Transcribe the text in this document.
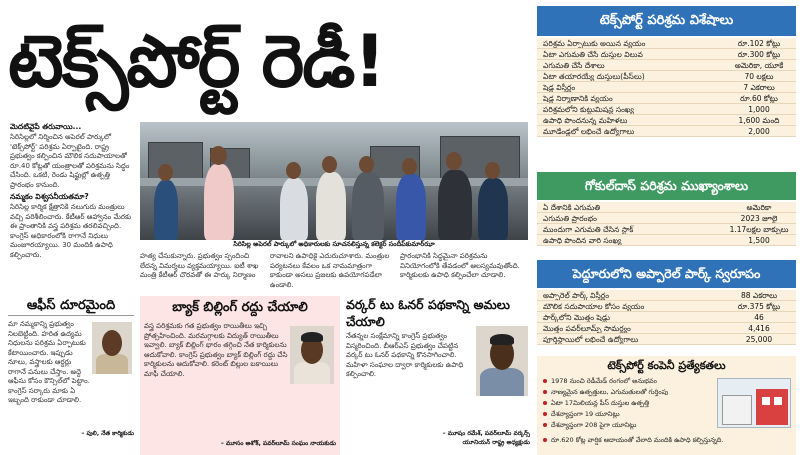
టెక్స్‌పోర్ట్ రెడీ!
మెదటివైపే తరువాయి...

సిరిసిల్లలో నిర్మించిన అపెరల్ పార్కులో 'టెక్స్‌పోర్ట్' పరిశ్రమ ఏర్పాటైంది. రాష్ట్ర ప్రభుత్వం కల్పించిన మౌలిక సదుపాయాలతో రూ.40 కోట్లతో యంత్రాలతో పరిశ్రమను సిద్ధం చేసింది. ఒకటి, రెండు షిఫ్టుల్లో ఉత్పత్తి ప్రారంభం కానుంది.

నమ్మకం విశ్వసనీయతమా?

సిరిసిల్ల కార్మిక క్షేత్రానికి నలుగురు మంత్రులు వచ్చి పరిశీలించారు. కేటీఆర్ ఆహ్వానం మేరకు ఈ ప్రాంతానికి వస్త్ర పరిశ్రమ తరలివచ్చింది. కాంగ్రెస్ అధికారంలోకి రాగానే నిధులు మంజూరయ్యాయి. 30 మందికి ఉపాధి కల్పించారు.

సిరిసిల్ల అపెరల్ పార్కులో అధికారులకు సూచనలిస్తున్న కలెక్టర్ సందీప్‌కుమార్‌ఝా

హత్య చేసుకున్నారు. ప్రభుత్వం స్పందించి లేదన్న విమర్శలు వ్యక్తమయ్యాయి. ఐటీ శాఖ మంత్రి కేటీఆర్ చొరవతో ఈ పార్కు నిర్మాణం

రావాలని ఉపాధికై ఎదురుచూశారు. మంత్రుల పర్యటనలు కేవలం ఒక నామమాత్రంగా కాకుండా అసలు ప్రజలకు ఉపయోగపడేలా ఉండాలి.

ప్రారంభానికి సిద్ధమైనా పరిశ్రమను వినియోగంలోకి తేవడంలో ఆలస్యమవుతోంది. కార్మికులకు ఉపాధి కల్పించేలా చూడాలి.

ఆఫీస్ దూరమైంది

మా నమ్మకాన్ని ప్రభుత్వం నిలబెట్టింది. హరిత ఉద్యమ నిధులను పరిశ్రమ ఏర్పాటుకు కేటాయించారు. ఇప్పుడు నూలు, వస్త్రాలకు ఆర్డర్లు రాగానే పనులు చేస్తాం. అద్దె ఆఫీసు కోసం కౌన్సిల్‌లో పెట్టాం. కాంగ్రెస్ సర్కారు మాకు ఏ ఇబ్బంది రాకుండా చూడాలి.

– పులి, నేత కార్మికుడు
బ్యాక్ బిల్లింగ్ రద్దు చేయాలి

వస్త్ర పరిశ్రమకు గత ప్రభుత్వం రాయితీలు ఇచ్చి ప్రోత్సహించింది. మరమగ్గాలకు విద్యుత్ రాయితీలు ఇవ్వాలి. బ్యాక్ బిల్లింగ్ భారం తగ్గించి నేత కార్మికులను ఆదుకోవాలి. కాంగ్రెస్ ప్రభుత్వం బ్యాక్ బిల్లింగ్ రద్దు చేసి కార్మికులను ఆదుకోవాలి. కరెంట్ బిల్లుల బకాయిలు మాఫీ చేయాలి.

– మూసం అశోక్, పవర్‌లూమ్ సంఘం నాయకుడు
వర్కర్ టు ఓనర్ పథకాన్ని అమలు చేయాలి

నేతన్నల సంక్షేమాన్ని కాంగ్రెస్ ప్రభుత్వం విస్మరించింది. బీఆర్‌ఎస్ ప్రభుత్వం చేపట్టిన వర్కర్ టు ఓనర్ పథకాన్ని కొనసాగించాలి. మహిళా సంఘాల ద్వారా కార్మికులకు ఉపాధి కల్పించాలి.

– మూషం రమేశ్, పవర్‌లూమ్ వర్కర్స్
యూనియన్ రాష్ట్ర అధ్యక్షుడు
టెక్స్‌పోర్ట్ పరిశ్రమ విశేషాలు
పరిశ్రమ ఏర్పాటుకు అయిన వ్యయం	రూ.102 కోట్లు
ఏటా ఎగుమతి చేసే దుస్తుల విలువ	రూ.300 కోట్లు
ఎగుమతి చేసే దేశాలు	అమెరికా, యూకే
ఏటా తయారయ్యే దుస్తులు(పీస్‌లు)	70 లక్షలు
షెడ్ల విస్తీర్ణం	7 ఎకరాలు
షెడ్ల నిర్మాణానికి వ్యయం	రూ.60 కోట్లు
పరిశ్రమలోని కుట్టుమిషన్ల సంఖ్య	1,000
ఉపాధి పొందనున్న మహిళలు	1,600 మంది
మూడేండ్లలో లభించే ఉద్యోగాలు	2,000
గోకుల్‌దాస్ పరిశ్రమ ముఖ్యాంశాలు
ఏ దేశానికి ఎగుమతి	అమెరికా
ఎగుమతి ప్రారంభం	2023 జూలై
ముందుగా ఎగుమతి చేసిన స్టాక్	1.17లక్షల బాక్సులు
ఉపాధి పొందిన వారి సంఖ్య	1,500
పెద్దూరులోని అప్పారెల్ పార్క్ స్వరూపం
అప్పారెల్ పార్క్ విస్తీర్ణం	88 ఎకరాలు
మౌలిక సదుపాయాల కోసం వ్యయం	రూ.375 కోట్లు
పార్క్‌లోని మొత్తం షెడ్లు	46
మొత్తం పవర్‌లూమ్స్ సామర్థ్యం	4,416
పూర్తిస్థాయిలో లభించే ఉద్యోగాలు	25,000
టెక్స్‌పోర్ట్ కంపెనీ ప్రత్యేకతలు
1978 నుంచి రెడీమేడ్ రంగంలో అనుభవం
నాణ్యమైన ఉత్పత్తులు, ఎగుమతులతో గుర్తింపు
ఏటా 17మిలియన్ల పీస్ దుస్తుల ఉత్పత్తి
దేశవ్యాప్తంగా 19 యూనిట్లు
దేశవ్యాప్తంగా 208 పైగా యూనిట్లు
రూ.620 కోట్ల వార్షిక ఆదాయంతో వేలాది మందికి ఉపాధి కల్పిస్తున్నది.
